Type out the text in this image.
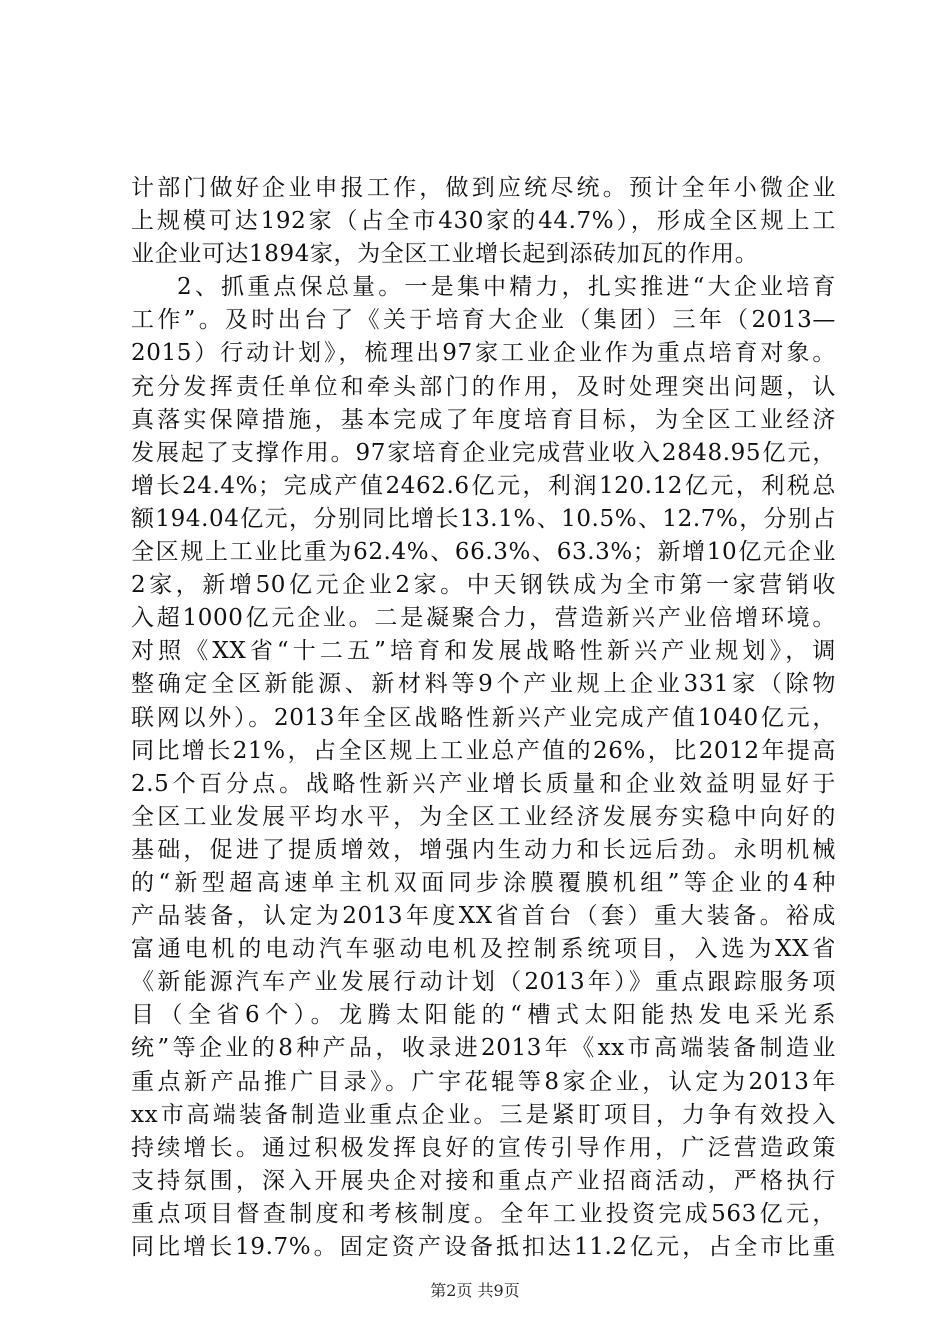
计部门做好企业申报工作，做到应统尽统。预计全年小微企业
上规模可达192家（占全市430家的44.7%），形成全区规上工
业企业可达1894家，为全区工业增长起到添砖加瓦的作用。
2、抓重点保总量。一是集中精力，扎实推进“大企业培育
工作”。及时出台了《关于培育大企业（集团）三年（2013—
2015）行动计划》，梳理出97家工业企业作为重点培育对象。
充分发挥责任单位和牵头部门的作用，及时处理突出问题，认
真落实保障措施，基本完成了年度培育目标，为全区工业经济
发展起了支撑作用。97家培育企业完成营业收入2848.95亿元，
增长24.4%；完成产值2462.6亿元，利润120.12亿元，利税总
额194.04亿元，分别同比增长13.1%、10.5%、12.7%，分别占
全区规上工业比重为62.4%、66.3%、63.3%；新增10亿元企业
2家，新增50亿元企业2家。中天钢铁成为全市第一家营销收
入超1000亿元企业。二是凝聚合力，营造新兴产业倍增环境。
对照《XX省“十二五”培育和发展战略性新兴产业规划》，调
整确定全区新能源、新材料等9个产业规上企业331家（除物
联网以外）。2013年全区战略性新兴产业完成产值1040亿元，
同比增长21%，占全区规上工业总产值的26%，比2012年提高
2.5个百分点。战略性新兴产业增长质量和企业效益明显好于
全区工业发展平均水平，为全区工业经济发展夯实稳中向好的
基础，促进了提质增效，增强内生动力和长远后劲。永明机械
的“新型超高速单主机双面同步涂膜覆膜机组”等企业的4种
产品装备，认定为2013年度XX省首台（套）重大装备。裕成
富通电机的电动汽车驱动电机及控制系统项目，入选为XX省
《新能源汽车产业发展行动计划（2013年）》重点跟踪服务项
目（全省6个）。龙腾太阳能的“槽式太阳能热发电采光系
统”等企业的8种产品，收录进2013年《xx市高端装备制造业
重点新产品推广目录》。广宇花辊等8家企业，认定为2013年
xx市高端装备制造业重点企业。三是紧盯项目，力争有效投入
持续增长。通过积极发挥良好的宣传引导作用，广泛营造政策
支持氛围，深入开展央企对接和重点产业招商活动，严格执行
重点项目督查制度和考核制度。全年工业投资完成563亿元，
同比增长19.7%。固定资产设备抵扣达11.2亿元，占全市比重
第2页 共9页
